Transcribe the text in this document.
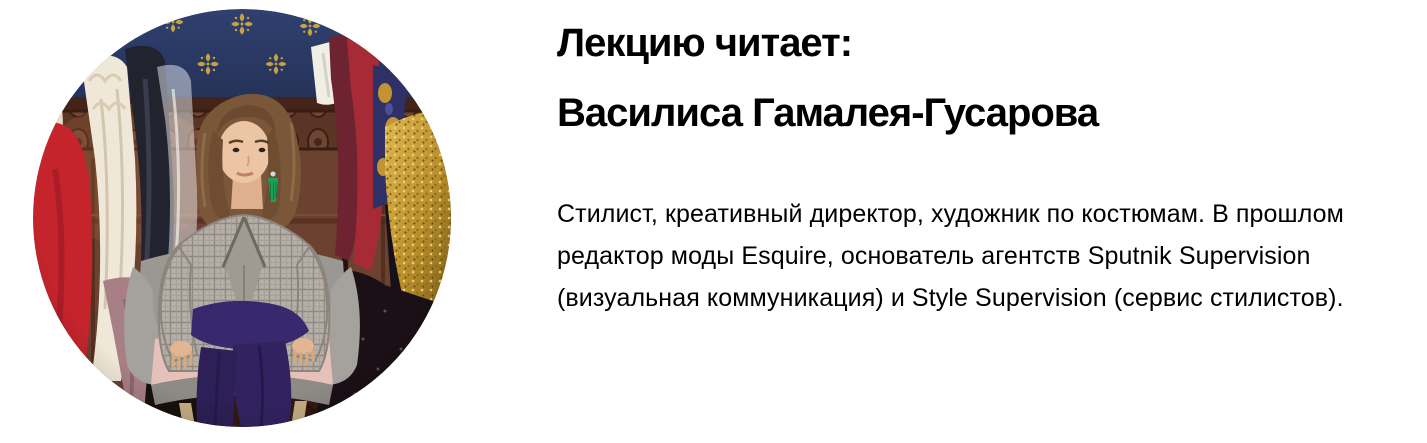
Лекцию читает:
Василиса Гамалея-Гусарова
Стилист, креативный директор, художник по костюмам. В прошлом
редактор моды Esquire, основатель агентств Sputnik Supervision
(визуальная коммуникация) и Style Supervision (сервис стилистов).
